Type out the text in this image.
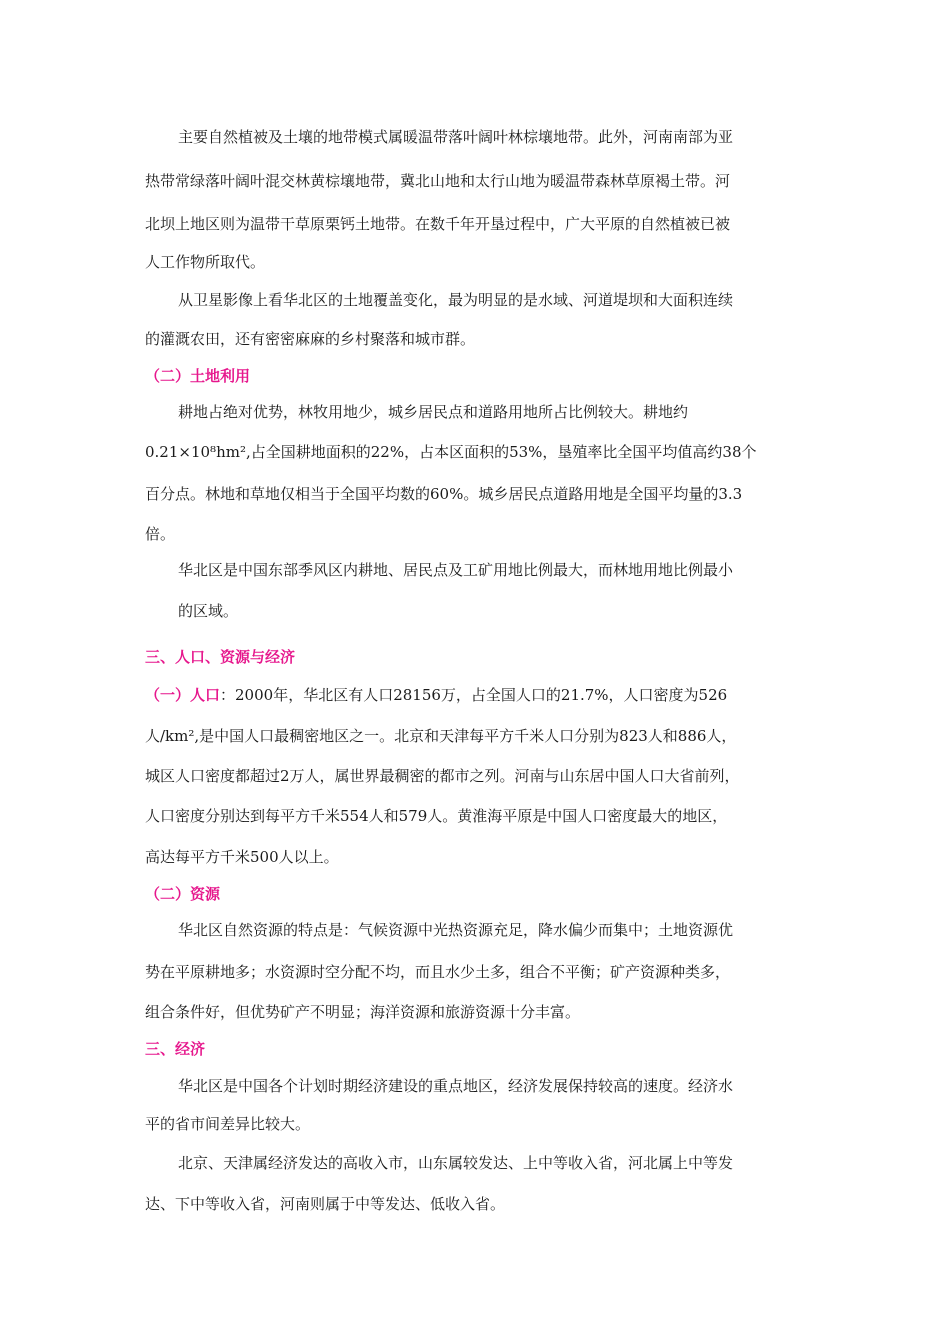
主要自然植被及土壤的地带模式属暖温带落叶阔叶林棕壤地带。此外，河南南部为亚
热带常绿落叶阔叶混交林黄棕壤地带，冀北山地和太行山地为暖温带森林草原褐土带。河
北坝上地区则为温带干草原栗钙土地带。在数千年开垦过程中，广大平原的自然植被已被
人工作物所取代。
从卫星影像上看华北区的土地覆盖变化，最为明显的是水域、河道堤坝和大面积连续
的灌溉农田，还有密密麻麻的乡村聚落和城市群。
（二）土地利用
耕地占绝对优势，林牧用地少，城乡居民点和道路用地所占比例较大。耕地约
0.21×10⁸hm²,占全国耕地面积的22%，占本区面积的53%，垦殖率比全国平均值高约38个
百分点。林地和草地仅相当于全国平均数的60%。城乡居民点道路用地是全国平均量的3.3
倍。
华北区是中国东部季风区内耕地、居民点及工矿用地比例最大，而林地用地比例最小
的区域。
三、人口、资源与经济
（一）人口：2000年，华北区有人口28156万，占全国人口的21.7%，人口密度为526
人/km²,是中国人口最稠密地区之一。北京和天津每平方千米人口分别为823人和886人，
城区人口密度都超过2万人，属世界最稠密的都市之列。河南与山东居中国人口大省前列，
人口密度分别达到每平方千米554人和579人。黄淮海平原是中国人口密度最大的地区，
高达每平方千米500人以上。
（二）资源
华北区自然资源的特点是：气候资源中光热资源充足，降水偏少而集中；土地资源优
势在平原耕地多；水资源时空分配不均，而且水少土多，组合不平衡；矿产资源种类多，
组合条件好，但优势矿产不明显；海洋资源和旅游资源十分丰富。
三、经济
华北区是中国各个计划时期经济建设的重点地区，经济发展保持较高的速度。经济水
平的省市间差异比较大。
北京、天津属经济发达的高收入市，山东属较发达、上中等收入省，河北属上中等发
达、下中等收入省，河南则属于中等发达、低收入省。
